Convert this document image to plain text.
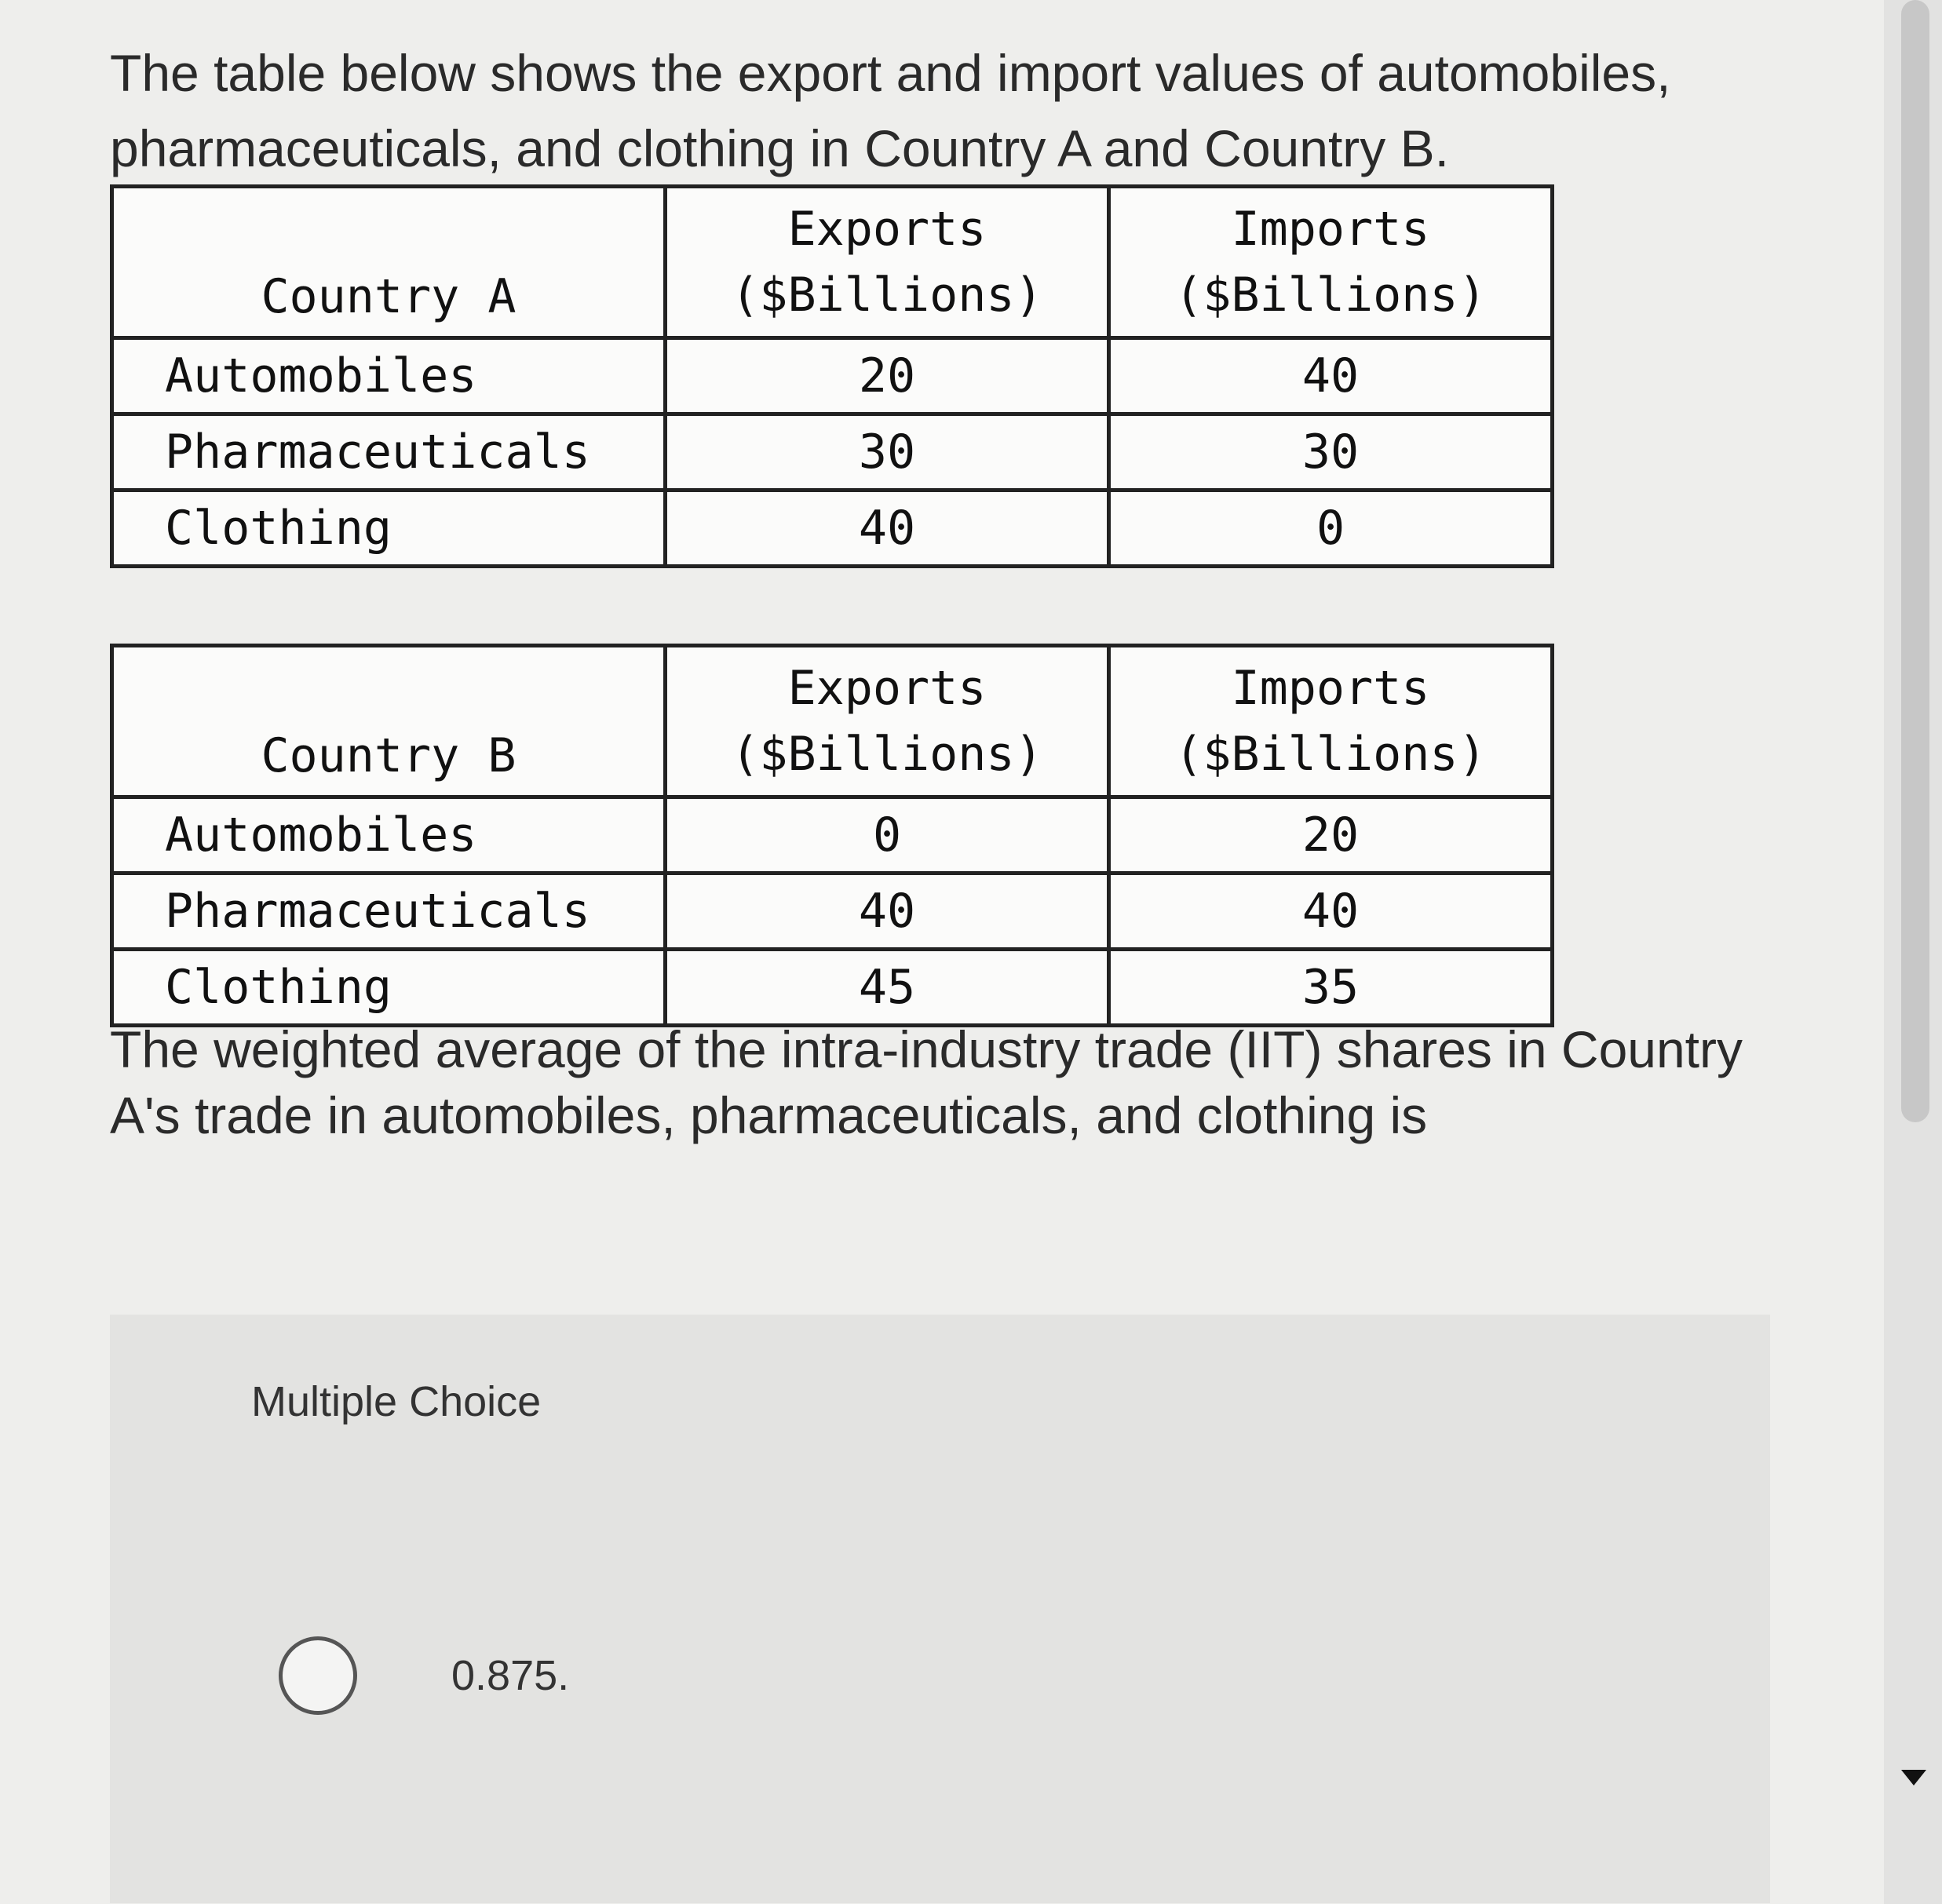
The table below shows the export and import values of automobiles, pharmaceuticals, and clothing in Country A and Country B.

Country A	Exports ($Billions)	Imports ($Billions)
Automobiles	20	40
Pharmaceuticals	30	30
Clothing	40	0
Country B	Exports ($Billions)	Imports ($Billions)
Automobiles	0	20
Pharmaceuticals	40	40
Clothing	45	35

The weighted average of the intra-industry trade (IIT) shares in Country A's trade in automobiles, pharmaceuticals, and clothing is

Multiple Choice
0.875.
